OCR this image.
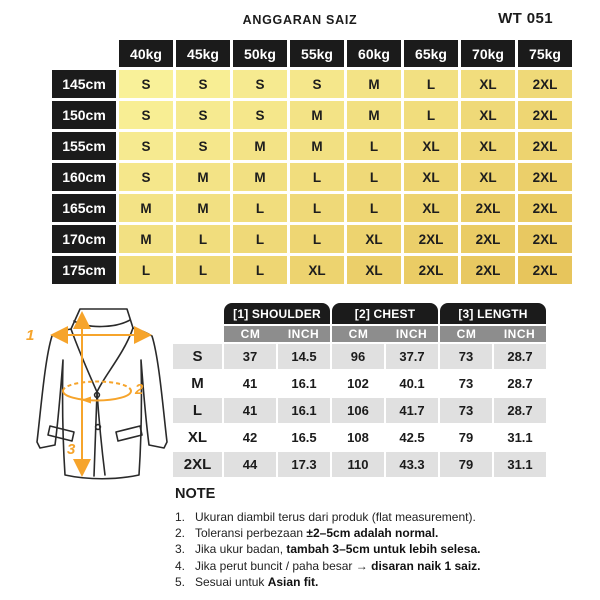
ANGGARAN SAIZ	WT 051
40kg	45kg	50kg	55kg	60kg	65kg	70kg	75kg
145cm	S	S	S	S	M	L	XL	2XL
150cm	S	S	S	M	M	L	XL	2XL
155cm	S	S	M	M	L	XL	XL	2XL
160cm	S	M	M	L	L	XL	XL	2XL
165cm	M	M	L	L	L	XL	2XL	2XL
170cm	M	L	L	L	XL	2XL	2XL	2XL
175cm	L	L	L	XL	XL	2XL	2XL	2XL
1
2
3
[1] SHOULDER	[2] CHEST	[3] LENGTH
CM	INCH	CM	INCH	CM	INCH
S	37	14.5	96	37.7	73	28.7
M	41	16.1	102	40.1	73	28.7
L	41	16.1	106	41.7	73	28.7
XL	42	16.5	108	42.5	79	31.1
2XL	44	17.3	110	43.3	79	31.1
NOTE
1. Ukuran diambil terus dari produk (flat measurement).
2. Toleransi perbezaan ±2–5cm adalah normal.
3. Jika ukur badan, tambah 3–5cm untuk lebih selesa.
4. Jika perut buncit / paha besar → disaran naik 1 saiz.
5. Sesuai untuk Asian fit.
